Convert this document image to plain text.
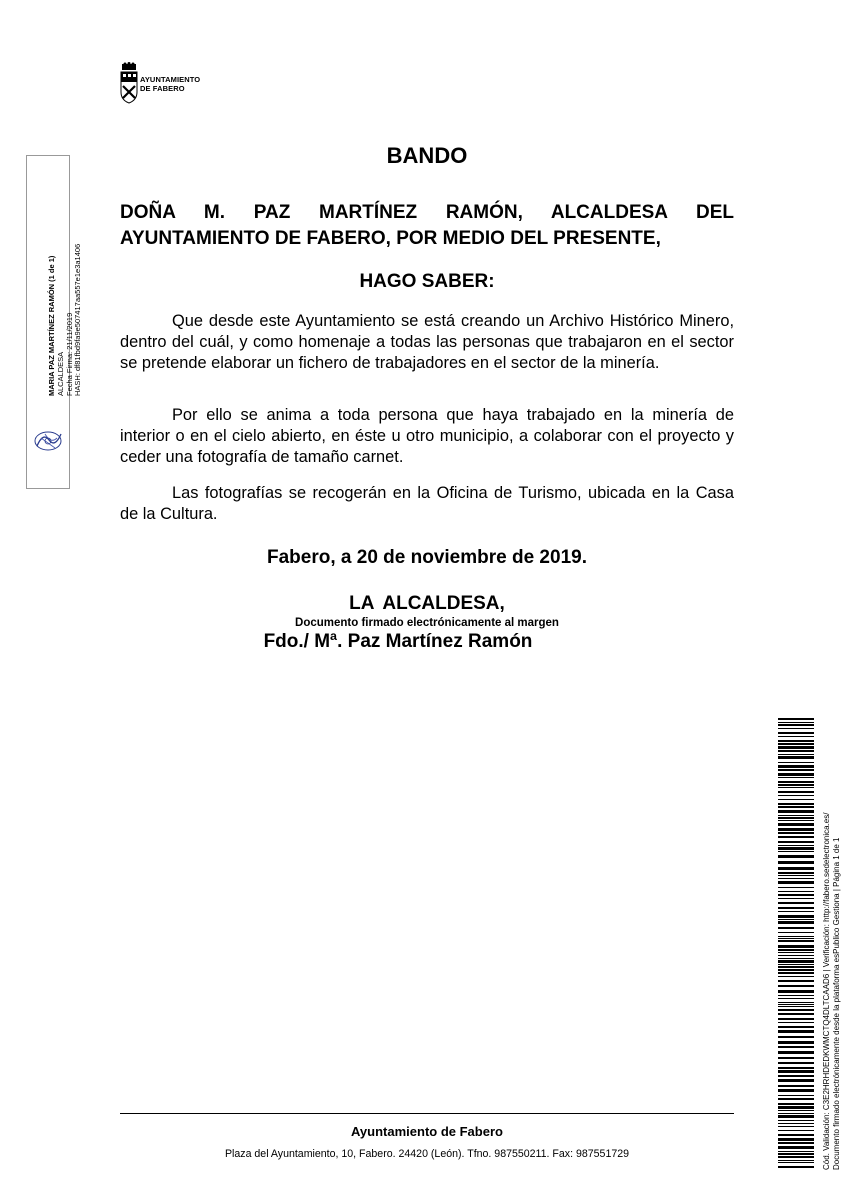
AYUNTAMIENTO
DE FABERO
MARIA PAZ MARTÍNEZ RAMÓN (1 de 1) ALCALDESA Fecha Firma: 21/11/2019 HASH: df81fbd9fa9e507417aa557e1e3a1406
BANDO
DOÑA M. PAZ MARTÍNEZ RAMÓN, ALCALDESA DEL AYUNTAMIENTO DE FABERO, POR MEDIO DEL PRESENTE,
HAGO SABER:
Que desde este Ayuntamiento se está creando un Archivo Histórico Minero, dentro del cuál, y como homenaje a todas las personas que trabajaron en el sector se pretende elaborar un fichero de trabajadores en el sector de la minería.
Por ello se anima a toda persona que haya trabajado en la minería de interior o en el cielo abierto, en éste u otro municipio, a colaborar con el proyecto y ceder una fotografía de tamaño carnet.
Las fotografías se recogerán en la Oficina de Turismo, ubicada en la Casa de la Cultura.
Fabero, a 20 de noviembre de 2019.
LA ALCALDESA,
Documento firmado electrónicamente al margen
Fdo./ Mª. Paz Martínez Ramón
Ayuntamiento de Fabero
Plaza del Ayuntamiento, 10, Fabero. 24420 (León). Tfno. 987550211. Fax: 987551729	Cód. Validación: C3E2HRHDEDKWMCTQ4DLTCAAD6 | Verificación: http://fabero.sedelectronica.es/ Documento firmado electrónicamente desde la plataforma esPublico Gestiona | Página 1 de 1
